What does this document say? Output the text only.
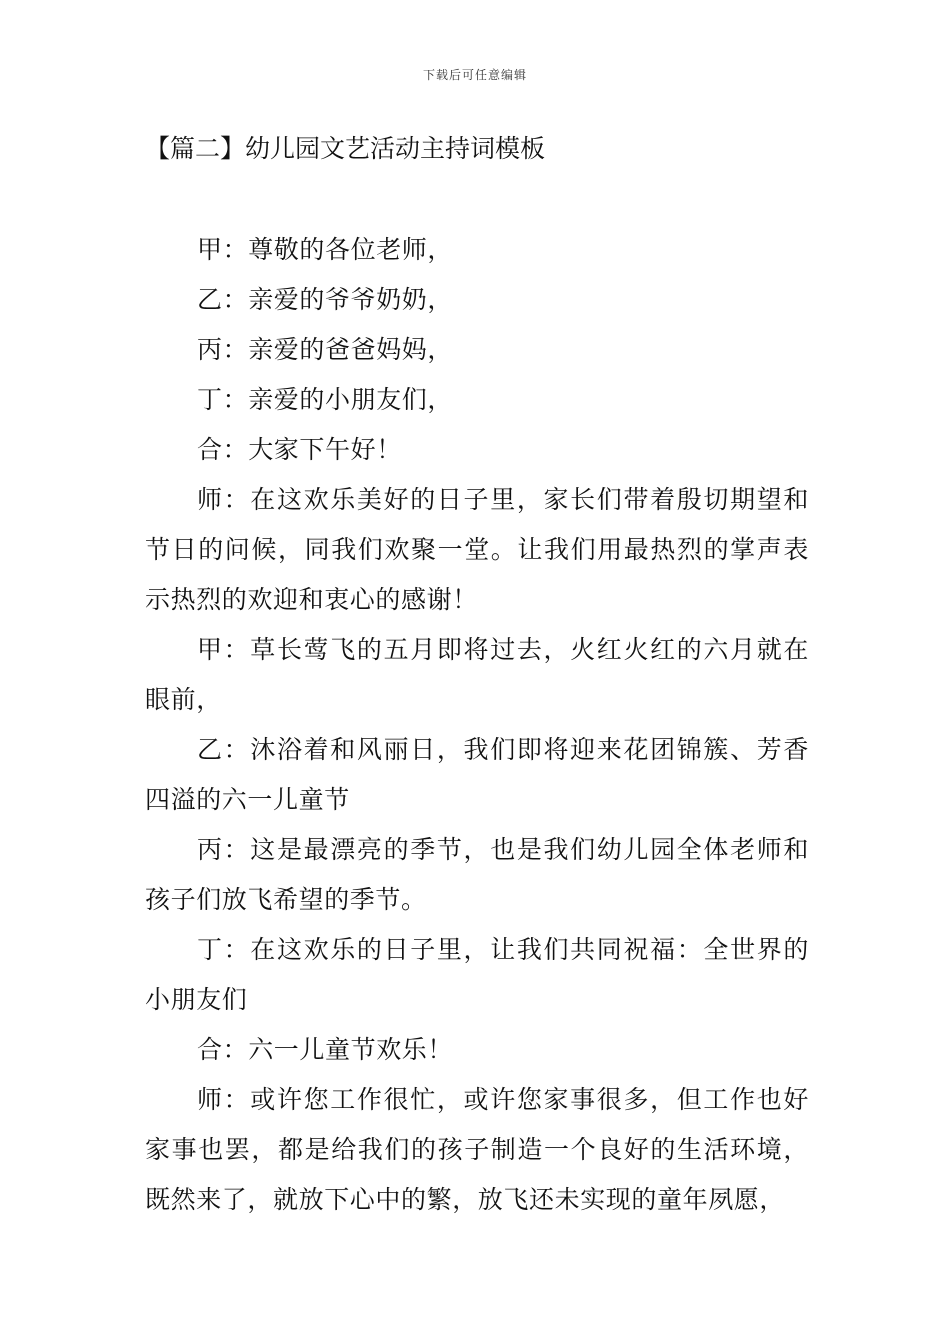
下载后可任意编辑
【篇二】幼儿园文艺活动主持词模板

甲：尊敬的各位老师，

乙：亲爱的爷爷奶奶，

丙：亲爱的爸爸妈妈，

丁：亲爱的小朋友们，

合：大家下午好！

师：在这欢乐美好的日子里，家长们带着殷切期望和节日的问候，同我们欢聚一堂。让我们用最热烈的掌声表示热烈的欢迎和衷心的感谢！

甲：草长莺飞的五月即将过去，火红火红的六月就在眼前，

乙：沐浴着和风丽日，我们即将迎来花团锦簇、芳香四溢的六一儿童节

丙：这是最漂亮的季节，也是我们幼儿园全体老师和孩子们放飞希望的季节。

丁：在这欢乐的日子里，让我们共同祝福：全世界的小朋友们

合：六一儿童节欢乐！

师：或许您工作很忙，或许您家事很多，但工作也好家事也罢，都是给我们的孩子制造一个良好的生活环境，既然来了，就放下心中的繁，放飞还未实现的童年夙愿，
